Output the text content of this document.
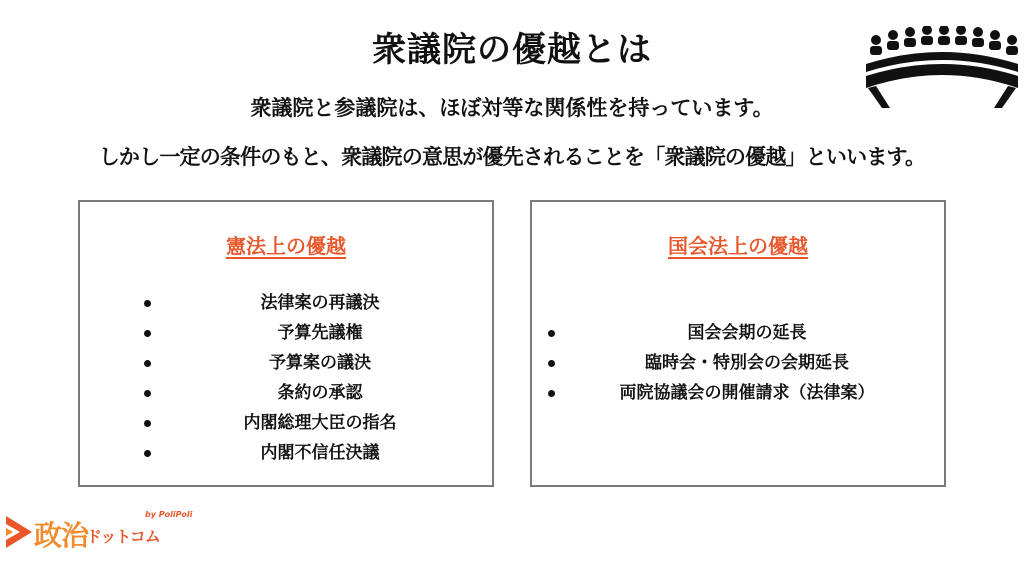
衆議院の優越とは
衆議院と参議院は、ほぼ対等な関係性を持っています。
しかし一定の条件のもと、衆議院の意思が優先されることを「衆議院の優越」といいます。
憲法上の優越
法律案の再議決
予算先議権
予算案の議決
条約の承認
内閣総理大臣の指名
内閣不信任決議
国会法上の優越
国会会期の延長
臨時会・特別会の会期延長
両院協議会の開催請求（法律案）
政治
ドットコム
by PoliPoli
